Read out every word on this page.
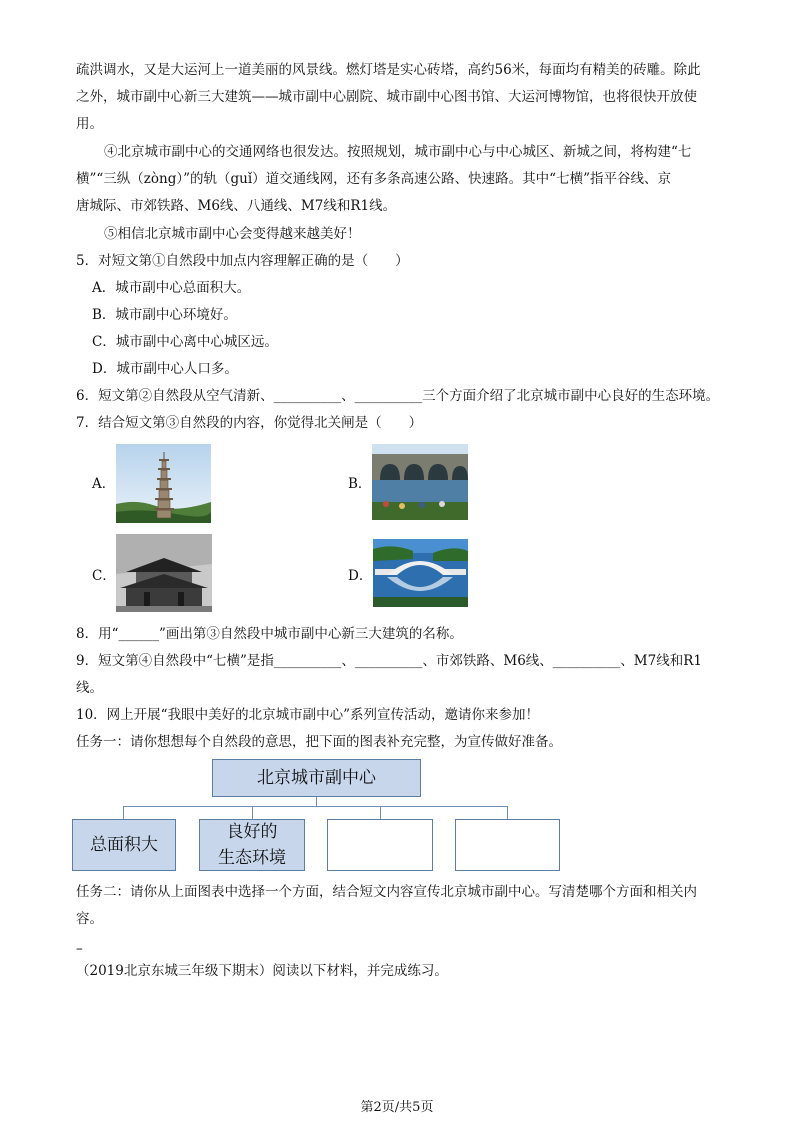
疏洪调水，又是大运河上一道美丽的风景线。燃灯塔是实心砖塔，高约56米，每面均有精美的砖雕。除此
之外，城市副中心新三大建筑——城市副中心剧院、城市副中心图书馆、大运河博物馆，也将很快开放使
用。
④北京城市副中心的交通网络也很发达。按照规划，城市副中心与中心城区、新城之间，将构建“七
横”“三纵（zòng）”的轨（guǐ）道交通线网，还有多条高速公路、快速路。其中“七横”指平谷线、京
唐城际、市郊铁路、M6线、八通线、M7线和R1线。
⑤相信北京城市副中心会变得越来越美好！
5．对短文第①自然段中加点内容理解正确的是（　　）
A．城市副中心总面积大。
B．城市副中心环境好。
C．城市副中心离中心城区远。
D．城市副中心人口多。
6．短文第②自然段从空气清新、__________、__________三个方面介绍了北京城市副中心良好的生态环境。
7．结合短文第③自然段的内容，你觉得北关闸是（　　）
A．	B．
C．	D．
8．用“______”画出第③自然段中城市副中心新三大建筑的名称。
9．短文第④自然段中“七横”是指__________、__________、市郊铁路、M6线、__________、M7线和R1
线。
10．网上开展“我眼中美好的北京城市副中心”系列宣传活动，邀请你来参加！
任务一：请你想想每个自然段的意思，把下面的图表补充完整，为宣传做好准备。
北京城市副中心
总面积大
良好的
生态环境
任务二：请你从上面图表中选择一个方面，结合短文内容宣传北京城市副中心。写清楚哪个方面和相关内
容。
–
（2019北京东城三年级下期末）阅读以下材料，并完成练习。
第2页/共5页
